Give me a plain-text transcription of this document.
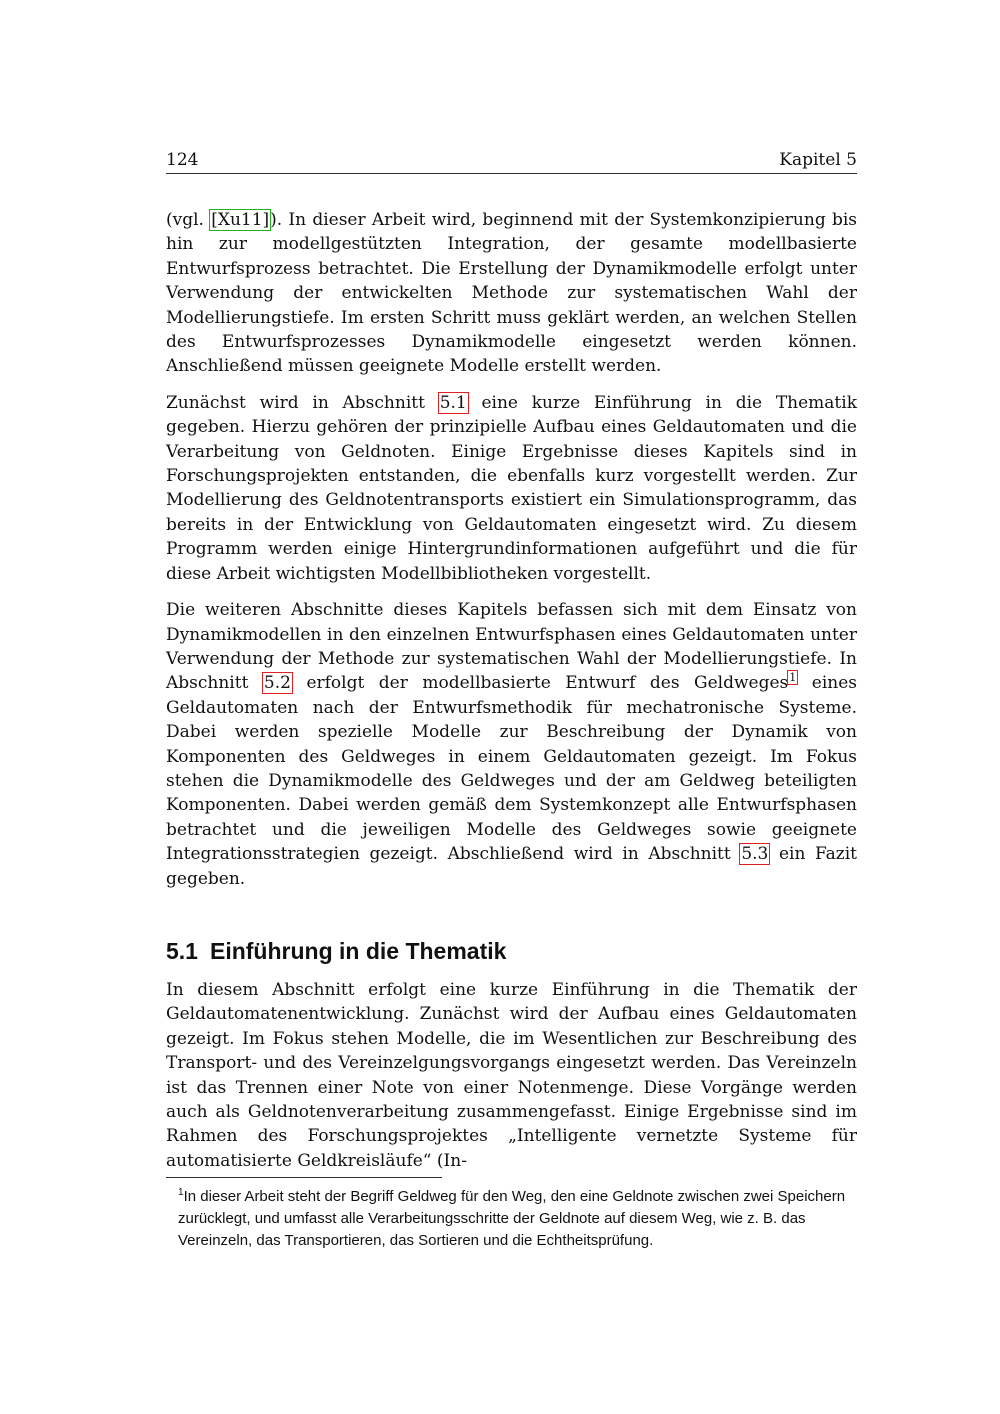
124	Kapitel 5

(vgl. [Xu11]). In dieser Arbeit wird, beginnend mit der Systemkonzipierung bis hin zur modellgestützten Integration, der gesamte modellbasierte Entwurfsprozess betrachtet. Die Erstellung der Dynamikmodelle erfolgt unter Verwendung der entwickelten Methode zur systematischen Wahl der Modellierungstiefe. Im ersten Schritt muss geklärt werden, an welchen Stellen des Entwurfsprozesses Dynamikmodelle eingesetzt werden können. Anschließend müssen geeignete Modelle erstellt werden.

Zunächst wird in Abschnitt 5.1 eine kurze Einführung in die Thematik gegeben. Hierzu gehören der prinzipielle Aufbau eines Geldautomaten und die Verarbeitung von Geldnoten. Einige Ergebnisse dieses Kapitels sind in Forschungsprojekten entstanden, die ebenfalls kurz vorgestellt werden. Zur Modellierung des Geldnotentransports existiert ein Simulationsprogramm, das bereits in der Entwicklung von Geldautomaten eingesetzt wird. Zu diesem Programm werden einige Hintergrundinformationen aufgeführt und die für diese Arbeit wichtigsten Modellbibliotheken vorgestellt.

Die weiteren Abschnitte dieses Kapitels befassen sich mit dem Einsatz von Dynamikmodellen in den einzelnen Entwurfsphasen eines Geldautomaten unter Verwendung der Methode zur systematischen Wahl der Modellierungstiefe. In Abschnitt 5.2 erfolgt der modellbasierte Entwurf des Geldweges$^1$ eines Geldautomaten nach der Entwurfsmethodik für mechatronische Systeme. Dabei werden spezielle Modelle zur Beschreibung der Dynamik von Komponenten des Geldweges in einem Geldautomaten gezeigt. Im Fokus stehen die Dynamikmodelle des Geldweges und der am Geldweg beteiligten Komponenten. Dabei werden gemäß dem Systemkonzept alle Entwurfsphasen betrachtet und die jeweiligen Modelle des Geldweges sowie geeignete Integrationsstrategien gezeigt. Abschließend wird in Abschnitt 5.3 ein Fazit gegeben.

5.1 Einführung in die Thematik

In diesem Abschnitt erfolgt eine kurze Einführung in die Thematik der Geldautomatenentwicklung. Zunächst wird der Aufbau eines Geldautomaten gezeigt. Im Fokus stehen Modelle, die im Wesentlichen zur Beschreibung des Transport- und des Vereinzelgungsvorgangs eingesetzt werden. Das Vereinzeln ist das Trennen einer Note von einer Notenmenge. Diese Vorgänge werden auch als Geldnotenverarbeitung zusammengefasst. Einige Ergebnisse sind im Rahmen des Forschungsprojektes „Intelligente vernetzte Systeme für automatisierte Geldkreisläufe“ (In-

$^1$In dieser Arbeit steht der Begriff Geldweg für den Weg, den eine Geldnote zwischen zwei Speichern zurücklegt, und umfasst alle Verarbeitungsschritte der Geldnote auf diesem Weg, wie z. B. das Vereinzeln, das Transportieren, das Sortieren und die Echtheitsprüfung.
